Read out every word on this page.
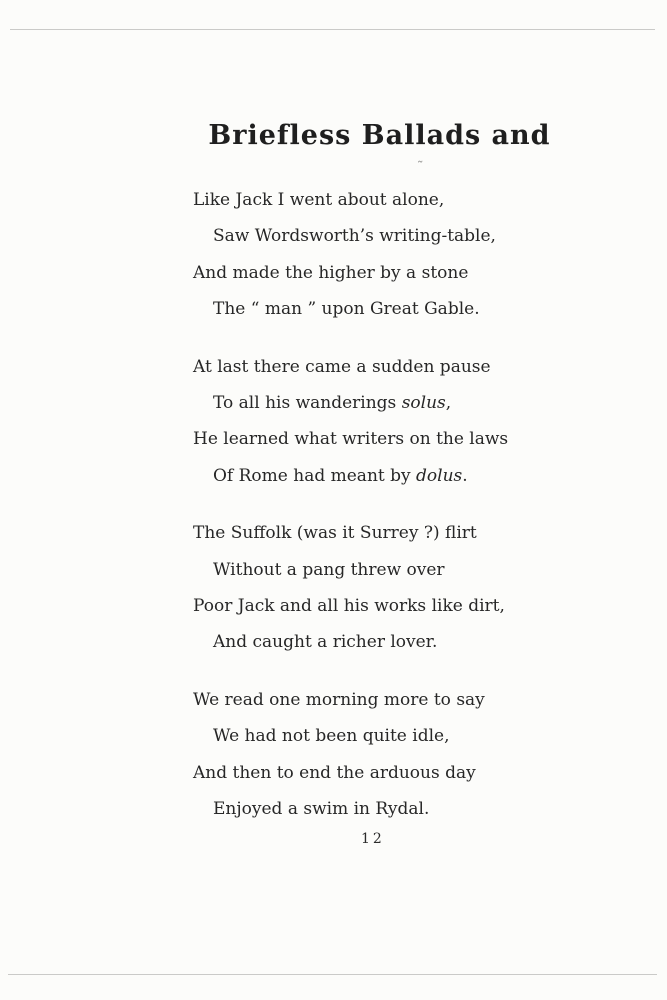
Briefless Ballads and
˜
Like Jack I went about alone,
Saw Wordsworth’s writing-table,
And made the higher by a stone
The “ man ” upon Great Gable.
At last there came a sudden pause
To all his wanderings solus,
He learned what writers on the laws
Of Rome had meant by dolus.
The Suffolk (was it Surrey ?) flirt
Without a pang threw over
Poor Jack and all his works like dirt,
And caught a richer lover.
We read one morning more to say
We had not been quite idle,
And then to end the arduous day
Enjoyed a swim in Rydal.
12
